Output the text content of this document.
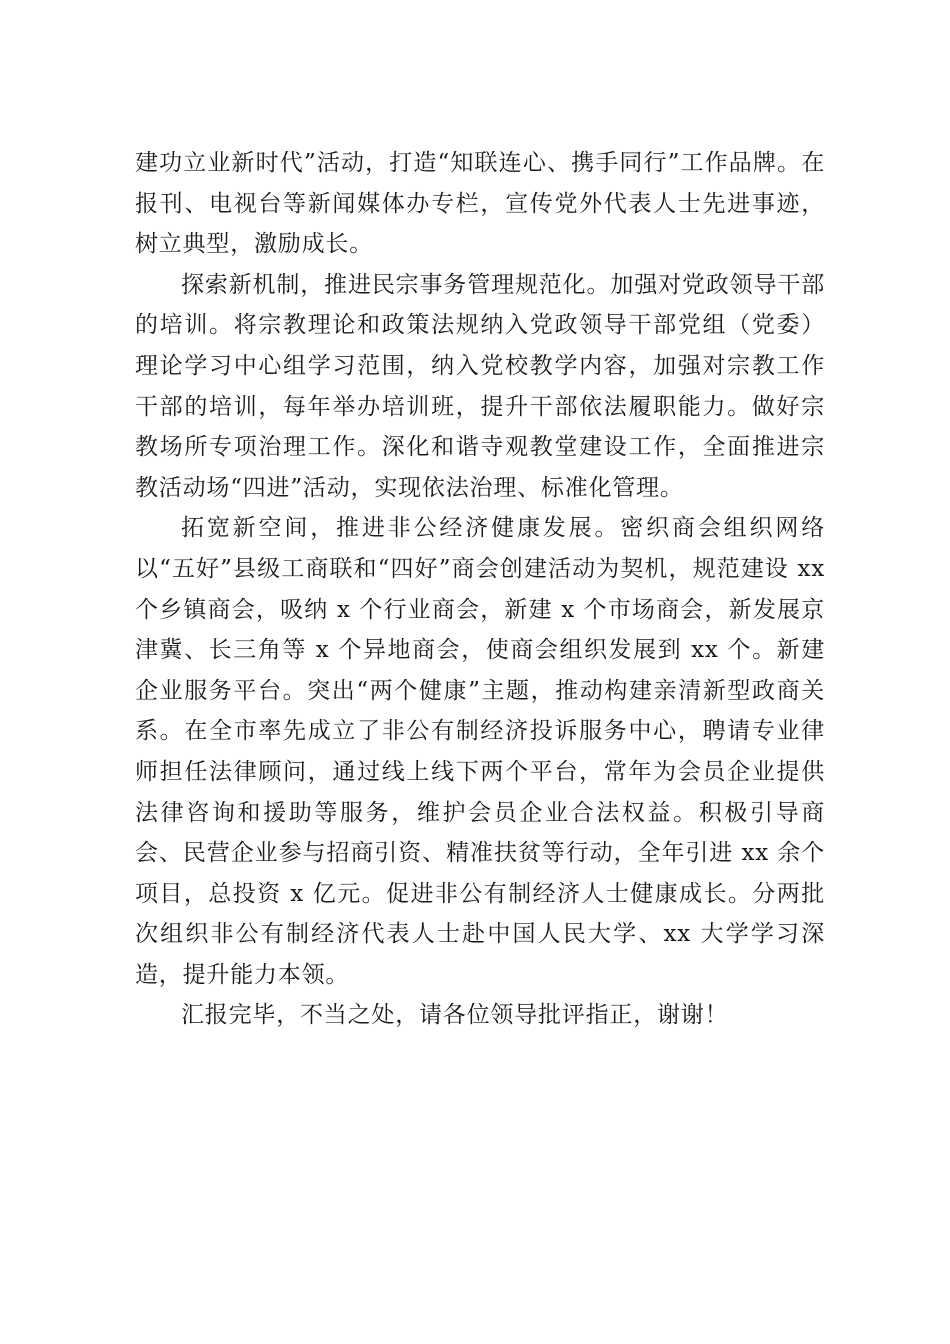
建功立业新时代”活动，打造“知联连心、携手同行”工作品牌。在报刊、电视台等新闻媒体办专栏，宣传党外代表人士先进事迹，树立典型，激励成长。

探索新机制，推进民宗事务管理规范化。加强对党政领导干部的培训。将宗教理论和政策法规纳入党政领导干部党组（党委）理论学习中心组学习范围，纳入党校教学内容，加强对宗教工作干部的培训，每年举办培训班，提升干部依法履职能力。做好宗教场所专项治理工作。深化和谐寺观教堂建设工作，全面推进宗教活动场“四进”活动，实现依法治理、标准化管理。

拓宽新空间，推进非公经济健康发展。密织商会组织网络以“五好”县级工商联和“四好”商会创建活动为契机，规范建设 xx 个乡镇商会，吸纳 x 个行业商会，新建 x 个市场商会，新发展京津冀、长三角等 x 个异地商会，使商会组织发展到 xx 个。新建企业服务平台。突出“两个健康”主题，推动构建亲清新型政商关系。在全市率先成立了非公有制经济投诉服务中心，聘请专业律师担任法律顾问，通过线上线下两个平台，常年为会员企业提供法律咨询和援助等服务，维护会员企业合法权益。积极引导商会、民营企业参与招商引资、精准扶贫等行动，全年引进 xx 余个项目，总投资 x 亿元。促进非公有制经济人士健康成长。分两批次组织非公有制经济代表人士赴中国人民大学、xx 大学学习深造，提升能力本领。

汇报完毕，不当之处，请各位领导批评指正，谢谢！
